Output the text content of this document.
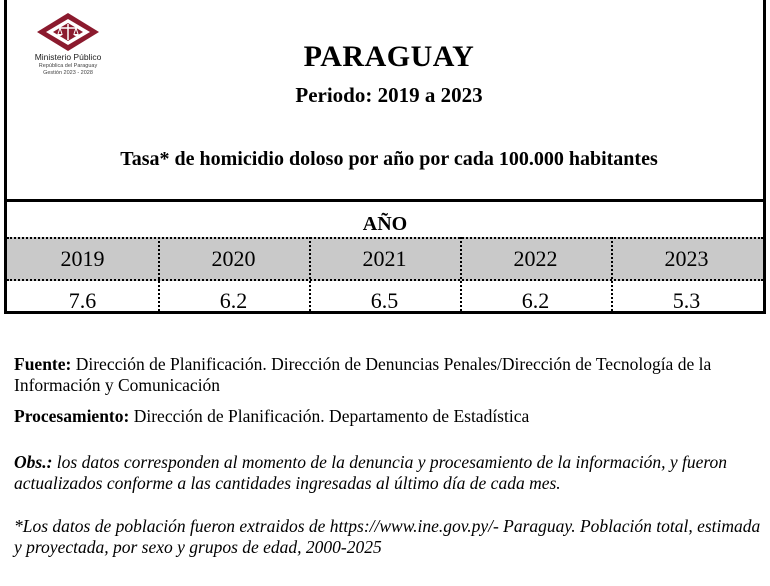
Ministerio Público
República del Paraguay
Gestión 2023 - 2028	PARAGUAY
Periodo: 2019 a 2023
Tasa* de homicidio doloso por año por cada 100.000 habitantes
AÑO
2019	2020	2021	2022	2023
7.6	6.2	6.5	6.2	5.3
Fuente: Dirección de Planificación. Dirección de Denuncias Penales/Dirección de Tecnología de la Información y Comunicación
Procesamiento: Dirección de Planificación. Departamento de Estadística
Obs.: los datos corresponden al momento de la denuncia y procesamiento de la información, y fueron actualizados conforme a las cantidades ingresadas al último día de cada mes.
*Los datos de población fueron extraidos de https://www.ine.gov.py/- Paraguay. Población total, estimada y proyectada, por sexo y grupos de edad, 2000-2025
